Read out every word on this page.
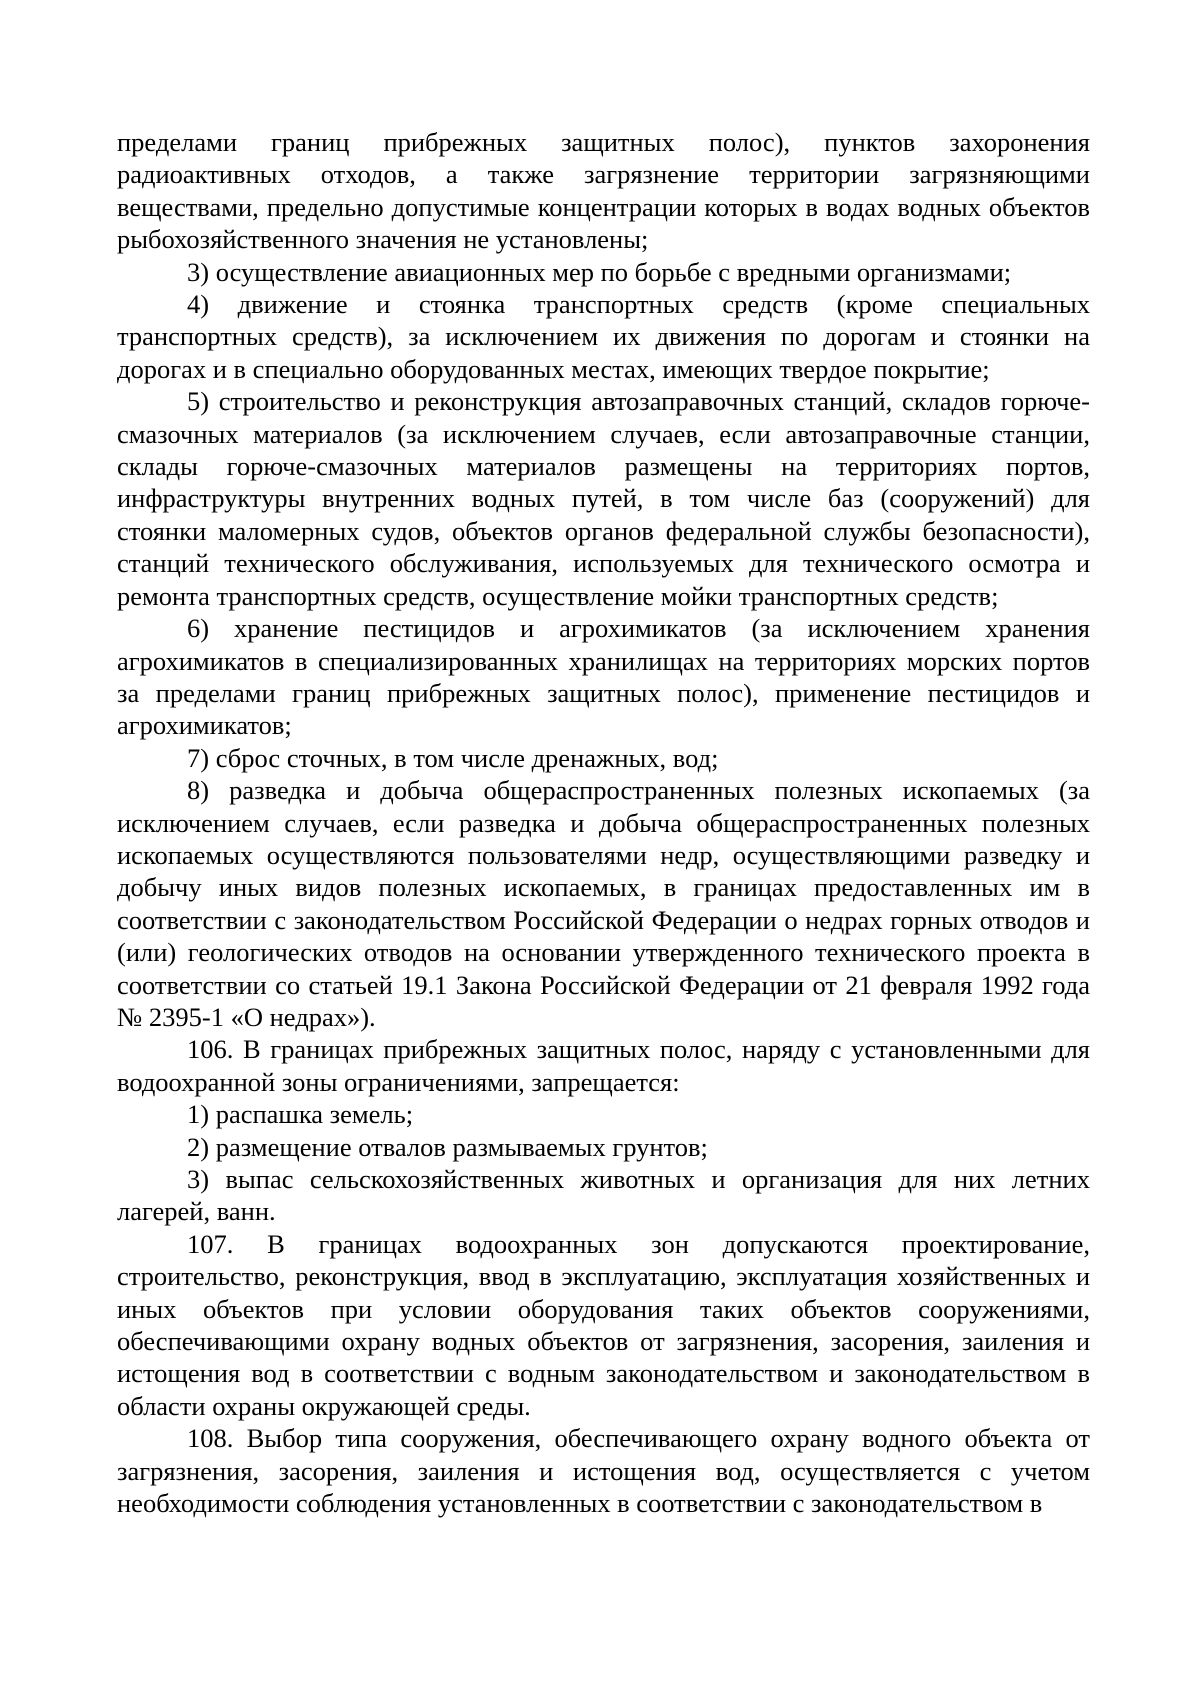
пределами границ прибрежных защитных полос), пунктов захоронения радиоактивных отходов, а также загрязнение территории загрязняющими веществами, предельно допустимые концентрации которых в водах водных объектов рыбохозяйственного значения не установлены;

3) осуществление авиационных мер по борьбе с вредными организмами;

4) движение и стоянка транспортных средств (кроме специальных транспортных средств), за исключением их движения по дорогам и стоянки на дорогах и в специально оборудованных местах, имеющих твердое покрытие;

5) строительство и реконструкция автозаправочных станций, складов горюче-смазочных материалов (за исключением случаев, если автозаправочные станции, склады горюче-смазочных материалов размещены на территориях портов, инфраструктуры внутренних водных путей, в том числе баз (сооружений) для стоянки маломерных судов, объектов органов федеральной службы безопасности), станций технического обслуживания, используемых для технического осмотра и ремонта транспортных средств, осуществление мойки транспортных средств;

6) хранение пестицидов и агрохимикатов (за исключением хранения агрохимикатов в специализированных хранилищах на территориях морских портов за пределами границ прибрежных защитных полос), применение пестицидов и агрохимикатов;

7) сброс сточных, в том числе дренажных, вод;

8) разведка и добыча общераспространенных полезных ископаемых (за исключением случаев, если разведка и добыча общераспространенных полезных ископаемых осуществляются пользователями недр, осуществляющими разведку и добычу иных видов полезных ископаемых, в границах предоставленных им в соответствии с законодательством Российской Федерации о недрах горных отводов и (или) геологических отводов на основании утвержденного технического проекта в соответствии со статьей 19.1 Закона Российской Федерации от 21 февраля 1992 года № 2395-1 «О недрах»).

106. В границах прибрежных защитных полос, наряду с установленными для водоохранной зоны ограничениями, запрещается:

1) распашка земель;

2) размещение отвалов размываемых грунтов;

3) выпас сельскохозяйственных животных и организация для них летних лагерей, ванн.

107. В границах водоохранных зон допускаются проектирование, строительство, реконструкция, ввод в эксплуатацию, эксплуатация хозяйственных и иных объектов при условии оборудования таких объектов сооружениями, обеспечивающими охрану водных объектов от загрязнения, засорения, заиления и истощения вод в соответствии с водным законодательством и законодательством в области охраны окружающей среды.

108. Выбор типа сооружения, обеспечивающего охрану водного объекта от загрязнения, засорения, заиления и истощения вод, осуществляется с учетом необходимости соблюдения установленных в соответствии с законодательством в
